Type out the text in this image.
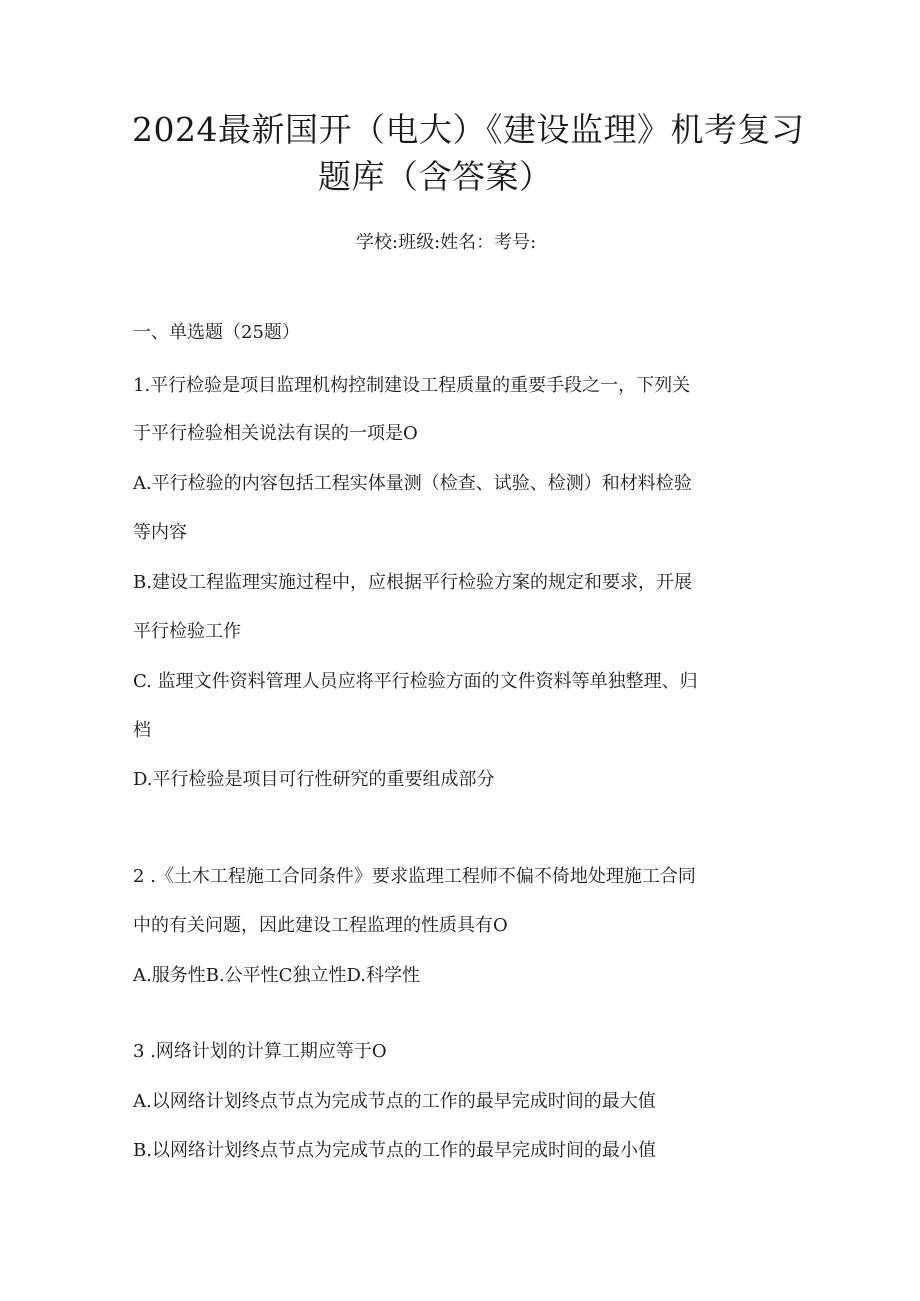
2024最新国开（电大）《建设监理》机考复习
题库（含答案）
学校:班级:姓名：考号:
一、单选题（25题）
1.平行检验是项目监理机构控制建设工程质量的重要手段之一，下列关
于平行检验相关说法有误的一项是O
A.平行检验的内容包括工程实体量测（检查、试验、检测）和材料检验
等内容
B.建设工程监理实施过程中，应根据平行检验方案的规定和要求，开展
平行检验工作
C. 监理文件资料管理人员应将平行检验方面的文件资料等单独整理、归
档
D.平行检验是项目可行性研究的重要组成部分
2 .《土木工程施工合同条件》要求监理工程师不偏不倚地处理施工合同
中的有关问题，因此建设工程监理的性质具有O
A.服务性B.公平性C独立性D.科学性
3 .网络计划的计算工期应等于O
A.以网络计划终点节点为完成节点的工作的最早完成时间的最大值
B.以网络计划终点节点为完成节点的工作的最早完成时间的最小值
